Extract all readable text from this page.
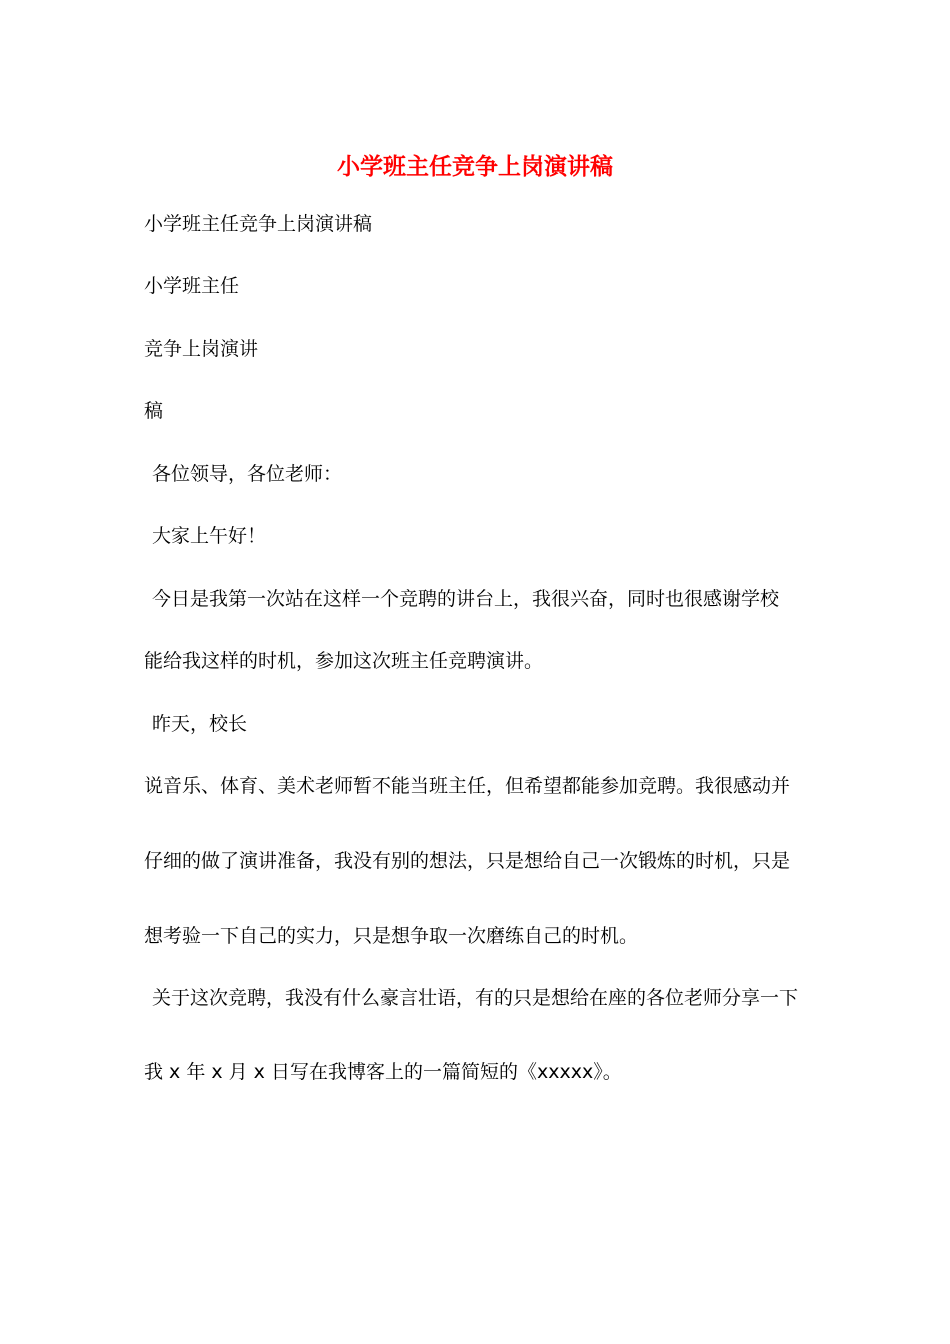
小学班主任竞争上岗演讲稿
小学班主任竞争上岗演讲稿
小学班主任
竞争上岗演讲
稿
各位领导，各位老师：
大家上午好！
今日是我第一次站在这样一个竞聘的讲台上，我很兴奋，同时也很感谢学校
能给我这样的时机，参加这次班主任竞聘演讲。
昨天，校长
说音乐、体育、美术老师暂不能当班主任，但希望都能参加竞聘。我很感动并
仔细的做了演讲准备，我没有别的想法，只是想给自己一次锻炼的时机，只是
想考验一下自己的实力，只是想争取一次磨练自己的时机。
关于这次竞聘，我没有什么豪言壮语，有的只是想给在座的各位老师分享一下
我 x 年 x 月 x 日写在我博客上的一篇简短的《xxxxx》。
